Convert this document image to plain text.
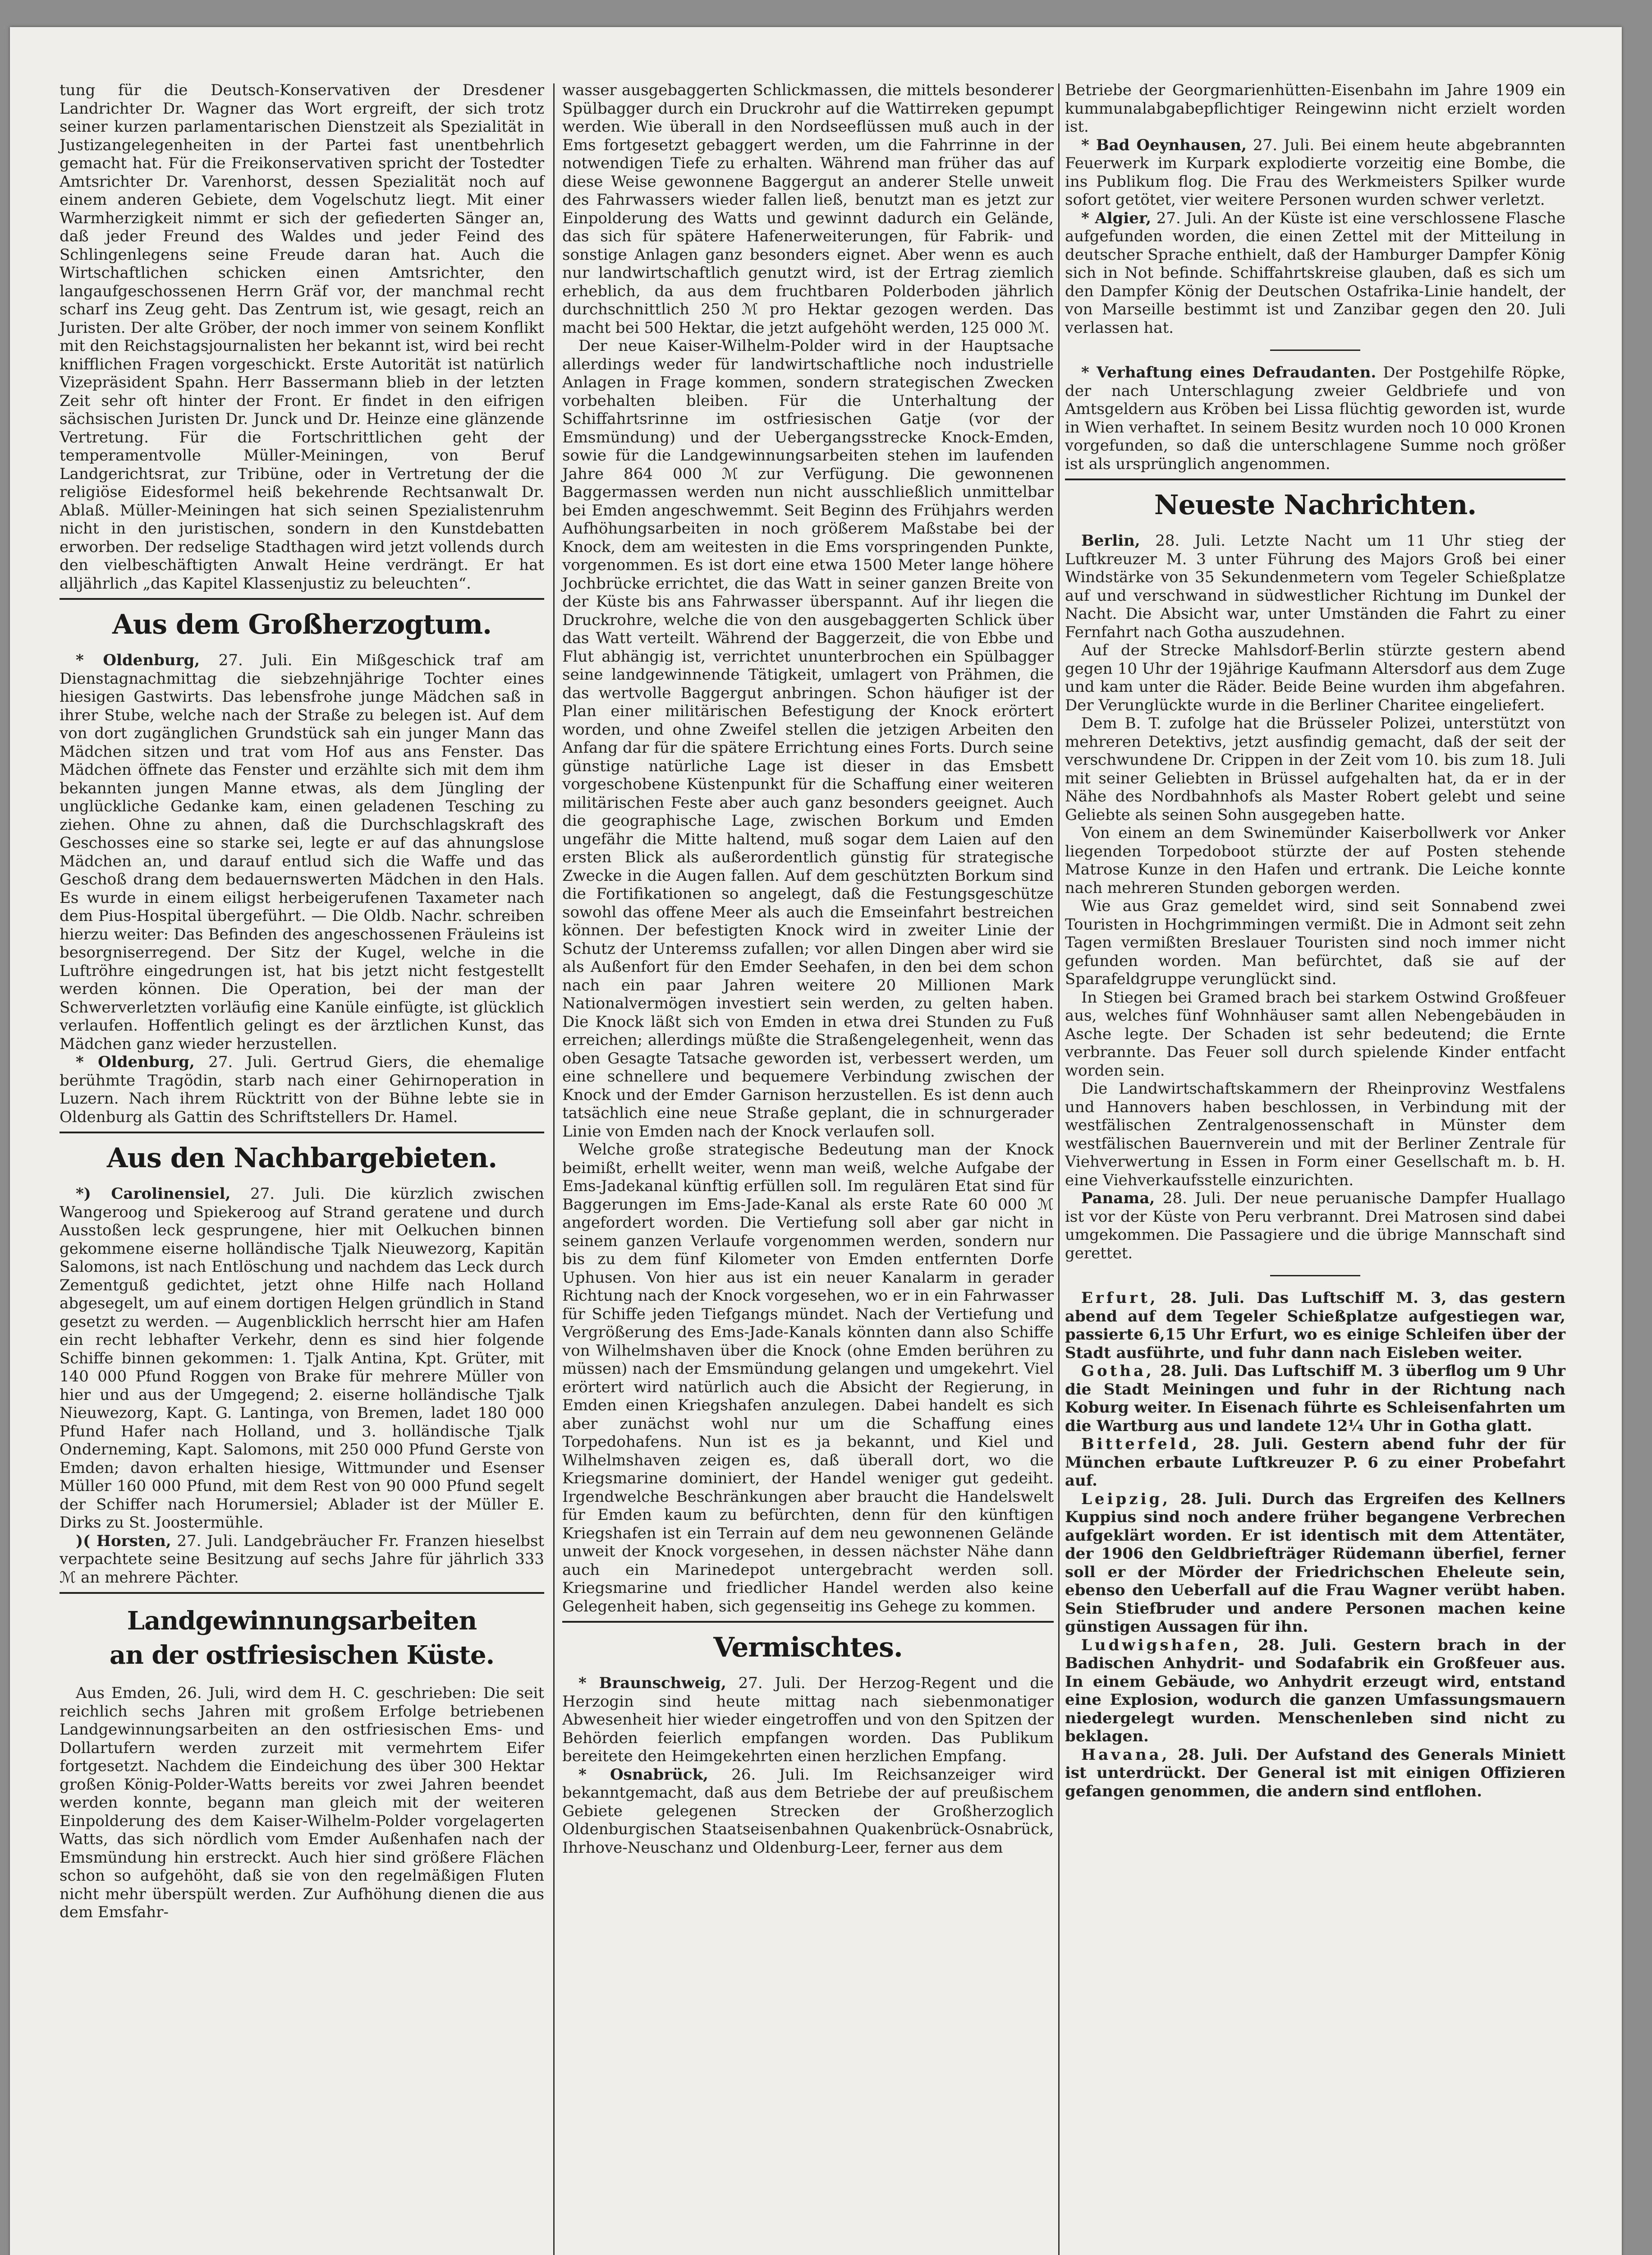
tung für die Deutsch-Konservativen der Dresdener Landrichter Dr. Wagner das Wort ergreift, der sich trotz seiner kurzen parlamentarischen Dienstzeit als Spezialität in Justizangelegenheiten in der Partei fast unentbehrlich gemacht hat. Für die Freikonservativen spricht der Tostedter Amtsrichter Dr. Varenhorst, dessen Spezialität noch auf einem anderen Gebiete, dem Vogelschutz liegt. Mit einer Warmherzigkeit nimmt er sich der gefiederten Sänger an, daß jeder Freund des Waldes und jeder Feind des Schlingenlegens seine Freude daran hat. Auch die Wirtschaftlichen schicken einen Amtsrichter, den langaufgeschossenen Herrn Gräf vor, der manchmal recht scharf ins Zeug geht. Das Zentrum ist, wie gesagt, reich an Juristen. Der alte Gröber, der noch immer von seinem Konflikt mit den Reichstagsjournalisten her bekannt ist, wird bei recht knifflichen Fragen vorgeschickt. Erste Autorität ist natürlich Vizepräsident Spahn. Herr Bassermann blieb in der letzten Zeit sehr oft hinter der Front. Er findet in den eifrigen sächsischen Juristen Dr. Junck und Dr. Heinze eine glänzende Vertretung. Für die Fortschrittlichen geht der temperamentvolle Müller-Meiningen, von Beruf Landgerichtsrat, zur Tribüne, oder in Vertretung der die religiöse Eidesformel heiß bekehrende Rechtsanwalt Dr. Ablaß. Müller-Meiningen hat sich seinen Spezialistenruhm nicht in den juristischen, sondern in den Kunstdebatten erworben. Der redselige Stadthagen wird jetzt vollends durch den vielbeschäftigten Anwalt Heine verdrängt. Er hat alljährlich „das Kapitel Klassenjustiz zu beleuchten“.

Aus dem Großherzogtum.

* Oldenburg, 27. Juli. Ein Mißgeschick traf am Dienstagnachmittag die siebzehnjährige Tochter eines hiesigen Gastwirts. Das lebensfrohe junge Mädchen saß in ihrer Stube, welche nach der Straße zu belegen ist. Auf dem von dort zugänglichen Grundstück sah ein junger Mann das Mädchen sitzen und trat vom Hof aus ans Fenster. Das Mädchen öffnete das Fenster und erzählte sich mit dem ihm bekannten jungen Manne etwas, als dem Jüngling der unglückliche Gedanke kam, einen geladenen Tesching zu ziehen. Ohne zu ahnen, daß die Durchschlagskraft des Geschosses eine so starke sei, legte er auf das ahnungslose Mädchen an, und darauf entlud sich die Waffe und das Geschoß drang dem bedauernswerten Mädchen in den Hals. Es wurde in einem eiligst herbeigerufenen Taxameter nach dem Pius-Hospital übergeführt. — Die Oldb. Nachr. schreiben hierzu weiter: Das Befinden des angeschossenen Fräuleins ist besorgniserregend. Der Sitz der Kugel, welche in die Luftröhre eingedrungen ist, hat bis jetzt nicht festgestellt werden können. Die Operation, bei der man der Schwerverletzten vorläufig eine Kanüle einfügte, ist glücklich verlaufen. Hoffentlich gelingt es der ärztlichen Kunst, das Mädchen ganz wieder herzustellen.

* Oldenburg, 27. Juli. Gertrud Giers, die ehemalige berühmte Tragödin, starb nach einer Gehirnoperation in Luzern. Nach ihrem Rücktritt von der Bühne lebte sie in Oldenburg als Gattin des Schriftstellers Dr. Hamel.

Aus den Nachbargebieten.

*) Carolinensiel, 27. Juli. Die kürzlich zwischen Wangeroog und Spiekeroog auf Strand geratene und durch Ausstoßen leck gesprungene, hier mit Oelkuchen binnen gekommene eiserne holländische Tjalk Nieuwezorg, Kapitän Salomons, ist nach Entlöschung und nachdem das Leck durch Zementguß gedichtet, jetzt ohne Hilfe nach Holland abgesegelt, um auf einem dortigen Helgen gründlich in Stand gesetzt zu werden. — Augenblicklich herrscht hier am Hafen ein recht lebhafter Verkehr, denn es sind hier folgende Schiffe binnen gekommen: 1. Tjalk Antina, Kpt. Grüter, mit 140 000 Pfund Roggen von Brake für mehrere Müller von hier und aus der Umgegend; 2. eiserne holländische Tjalk Nieuwezorg, Kapt. G. Lantinga, von Bremen, ladet 180 000 Pfund Hafer nach Holland, und 3. holländische Tjalk Onderneming, Kapt. Salomons, mit 250 000 Pfund Gerste von Emden; davon erhalten hiesige, Wittmunder und Esenser Müller 160 000 Pfund, mit dem Rest von 90 000 Pfund segelt der Schiffer nach Horumersiel; Ablader ist der Müller E. Dirks zu St. Joostermühle.

)( Horsten, 27. Juli. Landgebräucher Fr. Franzen hieselbst verpachtete seine Besitzung auf sechs Jahre für jährlich 333 ℳ an mehrere Pächter.

Landgewinnungsarbeiten
an der ostfriesischen Küste.

Aus Emden, 26. Juli, wird dem H. C. geschrieben: Die seit reichlich sechs Jahren mit großem Erfolge betriebenen Landgewinnungsarbeiten an den ostfriesischen Ems- und Dollartufern werden zurzeit mit vermehrtem Eifer fortgesetzt. Nachdem die Eindeichung des über 300 Hektar großen König-Polder-Watts bereits vor zwei Jahren beendet werden konnte, begann man gleich mit der weiteren Einpolderung des dem Kaiser-Wilhelm-Polder vorgelagerten Watts, das sich nördlich vom Emder Außenhafen nach der Emsmündung hin erstreckt. Auch hier sind größere Flächen schon so aufgehöht, daß sie von den regelmäßigen Fluten nicht mehr überspült werden. Zur Aufhöhung dienen die aus dem Emsfahr-

wasser ausgebaggerten Schlickmassen, die mittels besonderer Spülbagger durch ein Druckrohr auf die Wattirreken gepumpt werden. Wie überall in den Nordseeflüssen muß auch in der Ems fortgesetzt gebaggert werden, um die Fahrrinne in der notwendigen Tiefe zu erhalten. Während man früher das auf diese Weise gewonnene Baggergut an anderer Stelle unweit des Fahrwassers wieder fallen ließ, benutzt man es jetzt zur Einpolderung des Watts und gewinnt dadurch ein Gelände, das sich für spätere Hafenerweiterungen, für Fabrik- und sonstige Anlagen ganz besonders eignet. Aber wenn es auch nur landwirtschaftlich genutzt wird, ist der Ertrag ziemlich erheblich, da aus dem fruchtbaren Polderboden jährlich durchschnittlich 250 ℳ pro Hektar gezogen werden. Das macht bei 500 Hektar, die jetzt aufgehöht werden, 125 000 ℳ.

Der neue Kaiser-Wilhelm-Polder wird in der Hauptsache allerdings weder für landwirtschaftliche noch industrielle Anlagen in Frage kommen, sondern strategischen Zwecken vorbehalten bleiben. Für die Unterhaltung der Schiffahrtsrinne im ostfriesischen Gatje (vor der Emsmündung) und der Uebergangsstrecke Knock-Emden, sowie für die Landgewinnungsarbeiten stehen im laufenden Jahre 864 000 ℳ zur Verfügung. Die gewonnenen Baggermassen werden nun nicht ausschließlich unmittelbar bei Emden angeschwemmt. Seit Beginn des Frühjahrs werden Aufhöhungsarbeiten in noch größerem Maßstabe bei der Knock, dem am weitesten in die Ems vorspringenden Punkte, vorgenommen. Es ist dort eine etwa 1500 Meter lange höhere Jochbrücke errichtet, die das Watt in seiner ganzen Breite von der Küste bis ans Fahrwasser überspannt. Auf ihr liegen die Druckrohre, welche die von den ausgebaggerten Schlick über das Watt verteilt. Während der Baggerzeit, die von Ebbe und Flut abhängig ist, verrichtet ununterbrochen ein Spülbagger seine landgewinnende Tätigkeit, umlagert von Prähmen, die das wertvolle Baggergut anbringen. Schon häufiger ist der Plan einer militärischen Befestigung der Knock erörtert worden, und ohne Zweifel stellen die jetzigen Arbeiten den Anfang dar für die spätere Errichtung eines Forts. Durch seine günstige natürliche Lage ist dieser in das Emsbett vorgeschobene Küstenpunkt für die Schaffung einer weiteren militärischen Feste aber auch ganz besonders geeignet. Auch die geographische Lage, zwischen Borkum und Emden ungefähr die Mitte haltend, muß sogar dem Laien auf den ersten Blick als außerordentlich günstig für strategische Zwecke in die Augen fallen. Auf dem geschützten Borkum sind die Fortifikationen so angelegt, daß die Festungsgeschütze sowohl das offene Meer als auch die Emseinfahrt bestreichen können. Der befestigten Knock wird in zweiter Linie der Schutz der Unteremss zufallen; vor allen Dingen aber wird sie als Außenfort für den Emder Seehafen, in den bei dem schon nach ein paar Jahren weitere 20 Millionen Mark Nationalvermögen investiert sein werden, zu gelten haben. Die Knock läßt sich von Emden in etwa drei Stunden zu Fuß erreichen; allerdings müßte die Straßengelegenheit, wenn das oben Gesagte Tatsache geworden ist, verbessert werden, um eine schnellere und bequemere Verbindung zwischen der Knock und der Emder Garnison herzustellen. Es ist denn auch tatsächlich eine neue Straße geplant, die in schnurgerader Linie von Emden nach der Knock verlaufen soll.

Welche große strategische Bedeutung man der Knock beimißt, erhellt weiter, wenn man weiß, welche Aufgabe der Ems-Jadekanal künftig erfüllen soll. Im regulären Etat sind für Baggerungen im Ems-Jade-Kanal als erste Rate 60 000 ℳ angefordert worden. Die Vertiefung soll aber gar nicht in seinem ganzen Verlaufe vorgenommen werden, sondern nur bis zu dem fünf Kilometer von Emden entfernten Dorfe Uphusen. Von hier aus ist ein neuer Kanalarm in gerader Richtung nach der Knock vorgesehen, wo er in ein Fahrwasser für Schiffe jeden Tiefgangs mündet. Nach der Vertiefung und Vergrößerung des Ems-Jade-Kanals könnten dann also Schiffe von Wilhelmshaven über die Knock (ohne Emden berühren zu müssen) nach der Emsmündung gelangen und umgekehrt. Viel erörtert wird natürlich auch die Absicht der Regierung, in Emden einen Kriegshafen anzulegen. Dabei handelt es sich aber zunächst wohl nur um die Schaffung eines Torpedohafens. Nun ist es ja bekannt, und Kiel und Wilhelmshaven zeigen es, daß überall dort, wo die Kriegsmarine dominiert, der Handel weniger gut gedeiht. Irgendwelche Beschränkungen aber braucht die Handelswelt für Emden kaum zu befürchten, denn für den künftigen Kriegshafen ist ein Terrain auf dem neu gewonnenen Gelände unweit der Knock vorgesehen, in dessen nächster Nähe dann auch ein Marinedepot untergebracht werden soll. Kriegsmarine und friedlicher Handel werden also keine Gelegenheit haben, sich gegenseitig ins Gehege zu kommen.

Vermischtes.

* Braunschweig, 27. Juli. Der Herzog-Regent und die Herzogin sind heute mittag nach siebenmonatiger Abwesenheit hier wieder eingetroffen und von den Spitzen der Behörden feierlich empfangen worden. Das Publikum bereitete den Heimgekehrten einen herzlichen Empfang.

* Osnabrück, 26. Juli. Im Reichsanzeiger wird bekanntgemacht, daß aus dem Betriebe der auf preußischem Gebiete gelegenen Strecken der Großherzoglich Oldenburgischen Staatseisenbahnen Quakenbrück-Osnabrück, Ihrhove-Neuschanz und Oldenburg-Leer, ferner aus dem

Betriebe der Georgmarienhütten-Eisenbahn im Jahre 1909 ein kummunalabgabepflichtiger Reingewinn nicht erzielt worden ist.

* Bad Oeynhausen, 27. Juli. Bei einem heute abgebrannten Feuerwerk im Kurpark explodierte vorzeitig eine Bombe, die ins Publikum flog. Die Frau des Werkmeisters Spilker wurde sofort getötet, vier weitere Personen wurden schwer verletzt.

* Algier, 27. Juli. An der Küste ist eine verschlossene Flasche aufgefunden worden, die einen Zettel mit der Mitteilung in deutscher Sprache enthielt, daß der Hamburger Dampfer König sich in Not befinde. Schiffahrtskreise glauben, daß es sich um den Dampfer König der Deutschen Ostafrika-Linie handelt, der von Marseille bestimmt ist und Zanzibar gegen den 20. Juli verlassen hat.

* Verhaftung eines Defraudanten. Der Postgehilfe Röpke, der nach Unterschlagung zweier Geldbriefe und von Amtsgeldern aus Kröben bei Lissa flüchtig geworden ist, wurde in Wien verhaftet. In seinem Besitz wurden noch 10 000 Kronen vorgefunden, so daß die unterschlagene Summe noch größer ist als ursprünglich angenommen.

Neueste Nachrichten.

Berlin, 28. Juli. Letzte Nacht um 11 Uhr stieg der Luftkreuzer M. 3 unter Führung des Majors Groß bei einer Windstärke von 35 Sekundenmetern vom Tegeler Schießplatze auf und verschwand in südwestlicher Richtung im Dunkel der Nacht. Die Absicht war, unter Umständen die Fahrt zu einer Fernfahrt nach Gotha auszudehnen.

Auf der Strecke Mahlsdorf-Berlin stürzte gestern abend gegen 10 Uhr der 19jährige Kaufmann Altersdorf aus dem Zuge und kam unter die Räder. Beide Beine wurden ihm abgefahren. Der Verunglückte wurde in die Berliner Charitee eingeliefert.

Dem B. T. zufolge hat die Brüsseler Polizei, unterstützt von mehreren Detektivs, jetzt ausfindig gemacht, daß der seit der verschwundene Dr. Crippen in der Zeit vom 10. bis zum 18. Juli mit seiner Geliebten in Brüssel aufgehalten hat, da er in der Nähe des Nordbahnhofs als Master Robert gelebt und seine Geliebte als seinen Sohn ausgegeben hatte.

Von einem an dem Swinemünder Kaiserbollwerk vor Anker liegenden Torpedoboot stürzte der auf Posten stehende Matrose Kunze in den Hafen und ertrank. Die Leiche konnte nach mehreren Stunden geborgen werden.

Wie aus Graz gemeldet wird, sind seit Sonnabend zwei Touristen in Hochgrimmingen vermißt. Die in Admont seit zehn Tagen vermißten Breslauer Touristen sind noch immer nicht gefunden worden. Man befürchtet, daß sie auf der Sparafeldgruppe verunglückt sind.

In Stiegen bei Gramed brach bei starkem Ostwind Großfeuer aus, welches fünf Wohnhäuser samt allen Nebengebäuden in Asche legte. Der Schaden ist sehr bedeutend; die Ernte verbrannte. Das Feuer soll durch spielende Kinder entfacht worden sein.

Die Landwirtschaftskammern der Rheinprovinz Westfalens und Hannovers haben beschlossen, in Verbindung mit der westfälischen Zentralgenossenschaft in Münster dem westfälischen Bauernverein und mit der Berliner Zentrale für Viehverwertung in Essen in Form einer Gesellschaft m. b. H. eine Viehverkaufsstelle einzurichten.

Panama, 28. Juli. Der neue peruanische Dampfer Huallago ist vor der Küste von Peru verbrannt. Drei Matrosen sind dabei umgekommen. Die Passagiere und die übrige Mannschaft sind gerettet.

Erfurt, 28. Juli. Das Luftschiff M. 3, das gestern abend auf dem Tegeler Schießplatze aufgestiegen war, passierte 6,15 Uhr Erfurt, wo es einige Schleifen über der Stadt ausführte, und fuhr dann nach Eisleben weiter.

Gotha, 28. Juli. Das Luftschiff M. 3 überflog um 9 Uhr die Stadt Meiningen und fuhr in der Richtung nach Koburg weiter. In Eisenach führte es Schleisenfahrten um die Wartburg aus und landete 12¼ Uhr in Gotha glatt.

Bitterfeld, 28. Juli. Gestern abend fuhr der für München erbaute Luftkreuzer P. 6 zu einer Probefahrt auf.

Leipzig, 28. Juli. Durch das Ergreifen des Kellners Kuppius sind noch andere früher begangene Verbrechen aufgeklärt worden. Er ist identisch mit dem Attentäter, der 1906 den Geldbriefträger Rüdemann überfiel, ferner soll er der Mörder der Friedrichschen Eheleute sein, ebenso den Ueberfall auf die Frau Wagner verübt haben. Sein Stiefbruder und andere Personen machen keine günstigen Aussagen für ihn.

Ludwigshafen, 28. Juli. Gestern brach in der Badischen Anhydrit- und Sodafabrik ein Großfeuer aus. In einem Gebäude, wo Anhydrit erzeugt wird, entstand eine Explosion, wodurch die ganzen Umfassungsmauern niedergelegt wurden. Menschenleben sind nicht zu beklagen.

Havana, 28. Juli. Der Aufstand des Generals Miniett ist unterdrückt. Der General ist mit einigen Offizieren gefangen genommen, die andern sind entflohen.
